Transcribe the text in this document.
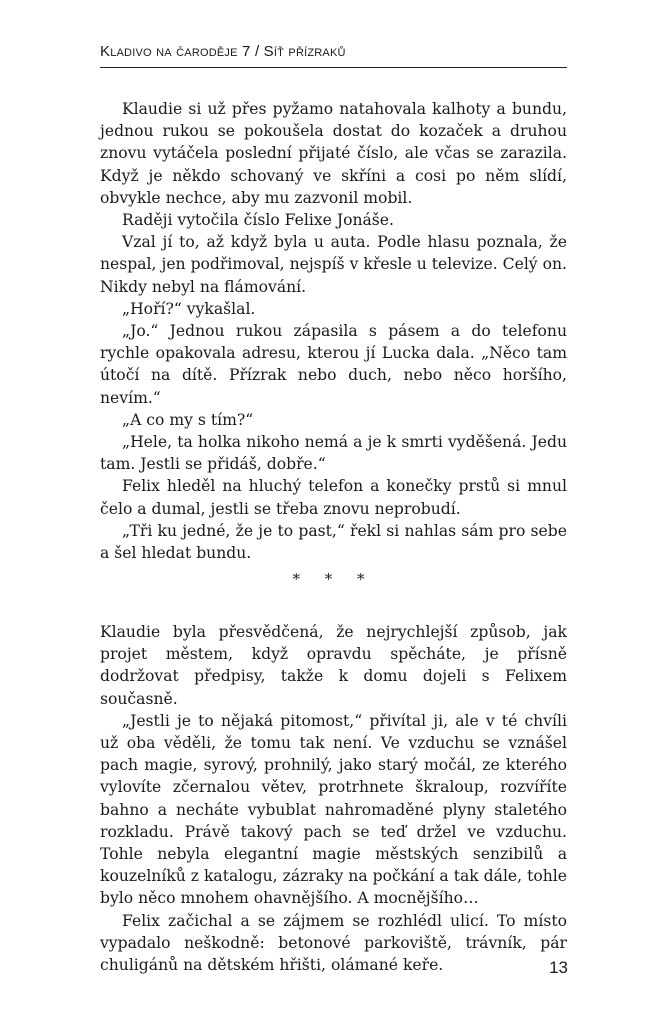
Kladivo na čaroděje 7 / Síť přízraků

Klaudie si už přes pyžamo natahovala kalhoty a bundu, jednou rukou se pokoušela dostat do kozaček a druhou znovu vytáčela poslední přijaté číslo, ale včas se zarazila. Když je někdo schovaný ve skříni a cosi po něm slídí, obvykle nechce, aby mu zazvonil mobil.

Raději vytočila číslo Felixe Jonáše.

Vzal jí to, až když byla u auta. Podle hlasu poznala, že nespal, jen podřimoval, nejspíš v křesle u televize. Celý on. Nikdy nebyl na flámování.

„Hoří?“ vykašlal.

„Jo.“ Jednou rukou zápasila s pásem a do telefonu rychle opakovala adresu, kterou jí Lucka dala. „Něco tam útočí na dítě. Přízrak nebo duch, nebo něco horšího, nevím.“

„A co my s tím?“

„Hele, ta holka nikoho nemá a je k smrti vyděšená. Jedu tam. Jestli se přidáš, dobře.“

Felix hleděl na hluchý telefon a konečky prstů si mnul čelo a dumal, jestli se třeba znovu neprobudí.

„Tři ku jedné, že je to past,“ řekl si nahlas sám pro sebe a šel hledat bundu.

* * *

Klaudie byla přesvědčená, že nejrychlejší způsob, jak projet městem, když opravdu spěcháte, je přísně dodržovat předpisy, takže k domu dojeli s Felixem současně.

„Jestli je to nějaká pitomost,“ přivítal ji, ale v té chvíli už oba věděli, že tomu tak není. Ve vzduchu se vznášel pach magie, syrový, prohnilý, jako starý močál, ze kterého vylovíte zčernalou větev, protrhnete škraloup, rozvíříte bahno a necháte vybublat nahromaděné plyny staletého rozkladu. Právě takový pach se teď držel ve vzduchu. Tohle nebyla elegantní magie městských senzibilů a kouzelníků z katalogu, zázraky na počkání a tak dále, tohle bylo něco mnohem ohavnějšího. A mocnějšího…

Felix začichal a se zájmem se rozhlédl ulicí. To místo vypadalo neškodně: betonové parkoviště, trávník, pár chuligánů na dětském hřišti, olámané keře.	13
